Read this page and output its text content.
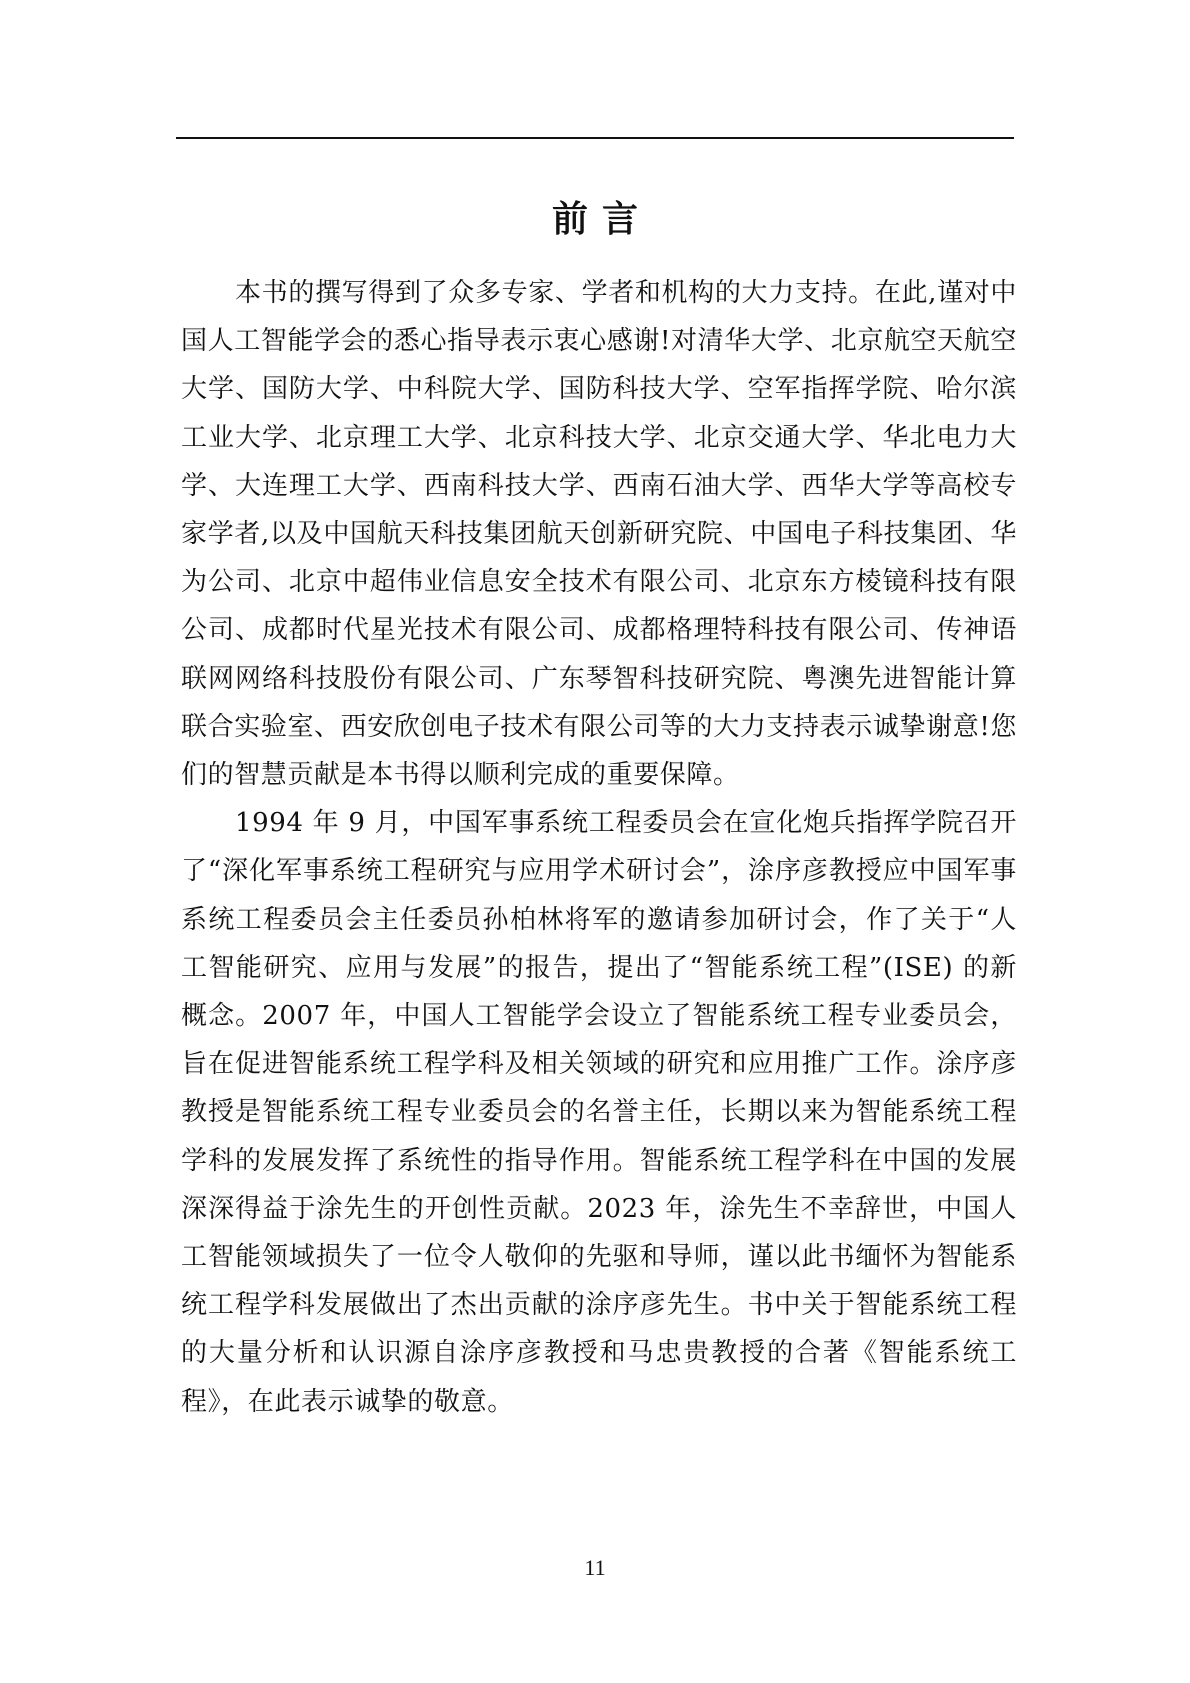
前言

本书的撰写得到了众多专家、学者和机构的大力支持。在此,谨对中国人工智能学会的悉心指导表示衷心感谢!对清华大学、北京航空天航空大学、国防大学、中科院大学、国防科技大学、空军指挥学院、哈尔滨工业大学、北京理工大学、北京科技大学、北京交通大学、华北电力大学、大连理工大学、西南科技大学、西南石油大学、西华大学等高校专家学者,以及中国航天科技集团航天创新研究院、中国电子科技集团、华为公司、北京中超伟业信息安全技术有限公司、北京东方棱镜科技有限公司、成都时代星光技术有限公司、成都格理特科技有限公司、传神语联网网络科技股份有限公司、广东琴智科技研究院、粤澳先进智能计算联合实验室、西安欣创电子技术有限公司等的大力支持表示诚挚谢意!您们的智慧贡献是本书得以顺利完成的重要保障。

1994 年 9 月，中国军事系统工程委员会在宣化炮兵指挥学院召开了“深化军事系统工程研究与应用学术研讨会”，涂序彦教授应中国军事系统工程委员会主任委员孙柏林将军的邀请参加研讨会，作了关于“人工智能研究、应用与发展”的报告，提出了“智能系统工程”(ISE) 的新概念。2007 年，中国人工智能学会设立了智能系统工程专业委员会，旨在促进智能系统工程学科及相关领域的研究和应用推广工作。涂序彦教授是智能系统工程专业委员会的名誉主任，长期以来为智能系统工程学科的发展发挥了系统性的指导作用。智能系统工程学科在中国的发展深深得益于涂先生的开创性贡献。2023 年，涂先生不幸辞世，中国人工智能领域损失了一位令人敬仰的先驱和导师，谨以此书缅怀为智能系统工程学科发展做出了杰出贡献的涂序彦先生。书中关于智能系统工程的大量分析和认识源自涂序彦教授和马忠贵教授的合著《智能系统工程》，在此表示诚挚的敬意。

11
